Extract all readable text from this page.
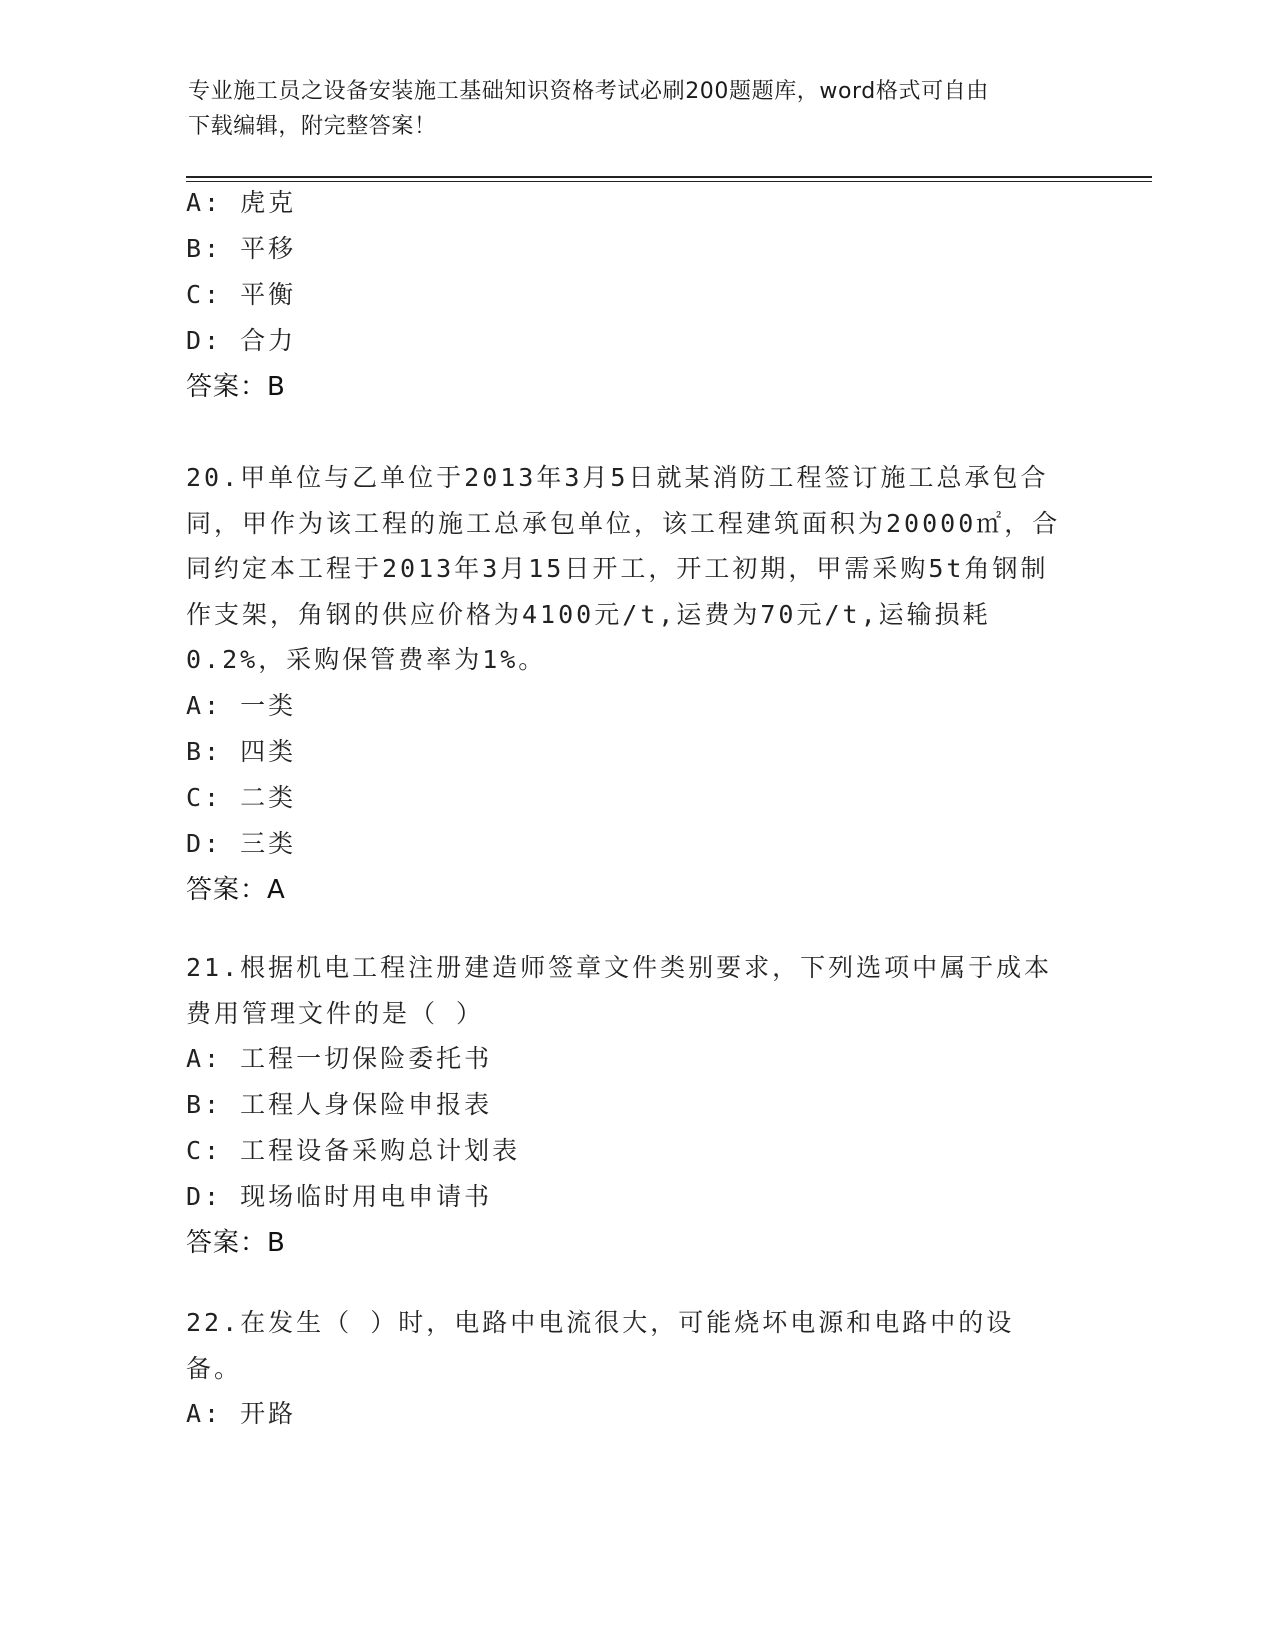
专业施工员之设备安装施工基础知识资格考试必刷200题题库，word格式可自由
下载编辑，附完整答案！
A: 虎克
B: 平移
C: 平衡
D: 合力
答案：B
20.甲单位与乙单位于2013年3月5日就某消防工程签订施工总承包合同，甲作为该工程的施工总承包单位，该工程建筑面积为20000㎡，合同约定本工程于2013年3月15日开工，开工初期，甲需采购5t角钢制作支架，角钢的供应价格为4100元/t,运费为70元/t,运输损耗0.2%，采购保管费率为1%。
A: 一类
B: 四类
C: 二类
D: 三类
答案：A
21.根据机电工程注册建造师签章文件类别要求，下列选项中属于成本费用管理文件的是（ ）
A: 工程一切保险委托书
B: 工程人身保险申报表
C: 工程设备采购总计划表
D: 现场临时用电申请书
答案：B
22.在发生（ ）时，电路中电流很大，可能烧坏电源和电路中的设备。
A: 开路
